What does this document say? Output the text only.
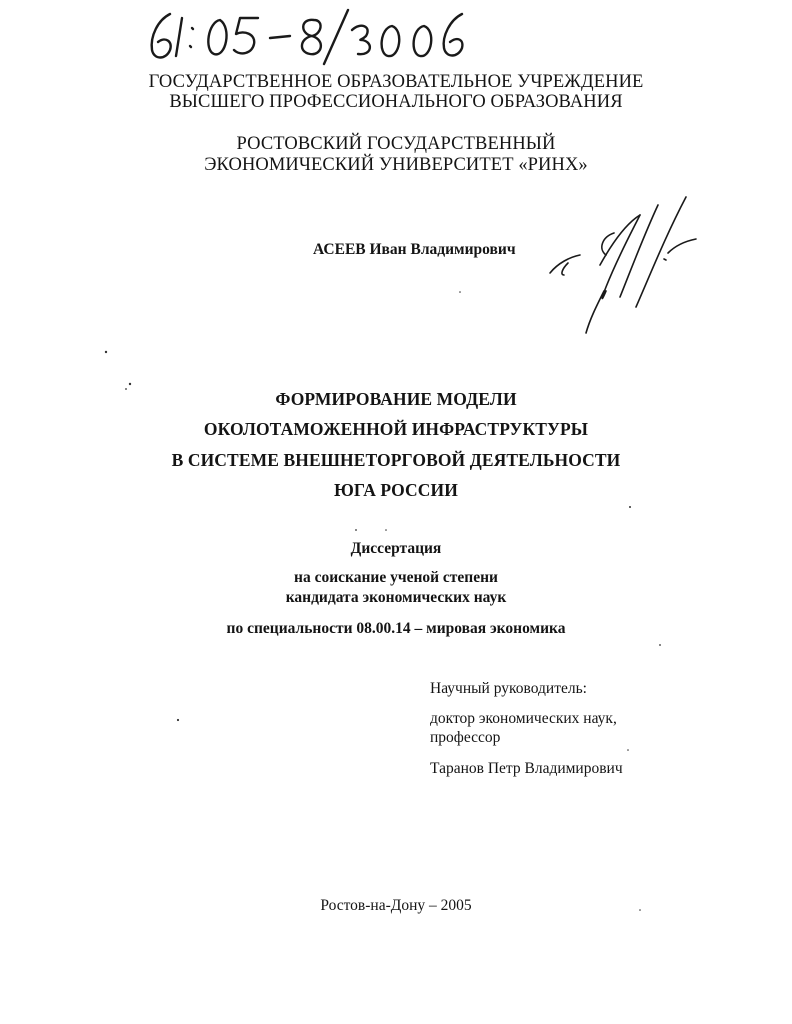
ГОСУДАРСТВЕННОЕ ОБРАЗОВАТЕЛЬНОЕ УЧРЕЖДЕНИЕ
ВЫСШЕГО ПРОФЕССИОНАЛЬНОГО ОБРАЗОВАНИЯ
РОСТОВСКИЙ ГОСУДАРСТВЕННЫЙ
ЭКОНОМИЧЕСКИЙ УНИВЕРСИТЕТ «РИНХ»
АСЕЕВ Иван Владимирович
ФОРМИРОВАНИЕ МОДЕЛИ
ОКОЛОТАМОЖЕННОЙ ИНФРАСТРУКТУРЫ
В СИСТЕМЕ ВНЕШНЕТОРГОВОЙ ДЕЯТЕЛЬНОСТИ
ЮГА РОССИИ
Диссертация
на соискание ученой степени
кандидата экономических наук
по специальности 08.00.14 – мировая экономика
Научный руководитель:
доктор экономических наук,
профессор
Таранов Петр Владимирович
Ростов-на-Дону – 2005
